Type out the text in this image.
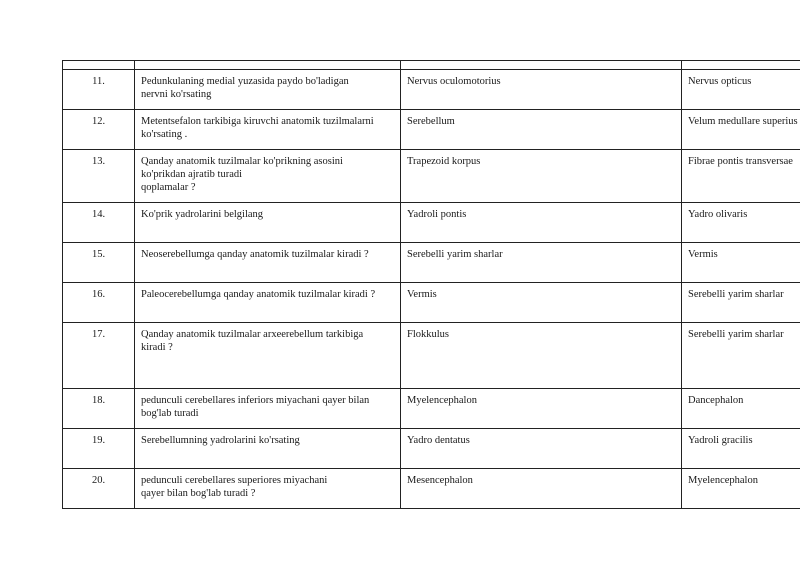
11.	Pedunkulaning medial yuzasida paydo bo'ladigan
nervni ko'rsating	Nervus oculomotorius	Nervus opticus
12.	Metentsefalon tarkibiga kiruvchi anatomik tuzilmalarni
ko'rsating .	Serebellum	Velum medullare superius
13.	Qanday anatomik tuzilmalar ko'prikning asosini
ko'prikdan ajratib turadi
qoplamalar ?	Trapezoid korpus	Fibrae pontis transversae
14.	Ko'prik yadrolarini belgilang	Yadroli pontis	Yadro olivaris
15.	Neoserebellumga qanday anatomik tuzilmalar kiradi ?	Serebelli yarim sharlar	Vermis
16.	Paleocerebellumga qanday anatomik tuzilmalar kiradi ?	Vermis	Serebelli yarim sharlar
17.	Qanday anatomik tuzilmalar arxeerebellum tarkibiga
kiradi ?	Flokkulus	Serebelli yarim sharlar
18.	pedunculi cerebellares inferiors miyachani qayer bilan
bog'lab turadi	Myelencephalon	Dancephalon
19.	Serebellumning yadrolarini ko'rsating	Yadro dentatus	Yadroli gracilis
20.	pedunculi cerebellares superiores miyachani
qayer bilan bog'lab turadi ?	Mesencephalon	Myelencephalon
